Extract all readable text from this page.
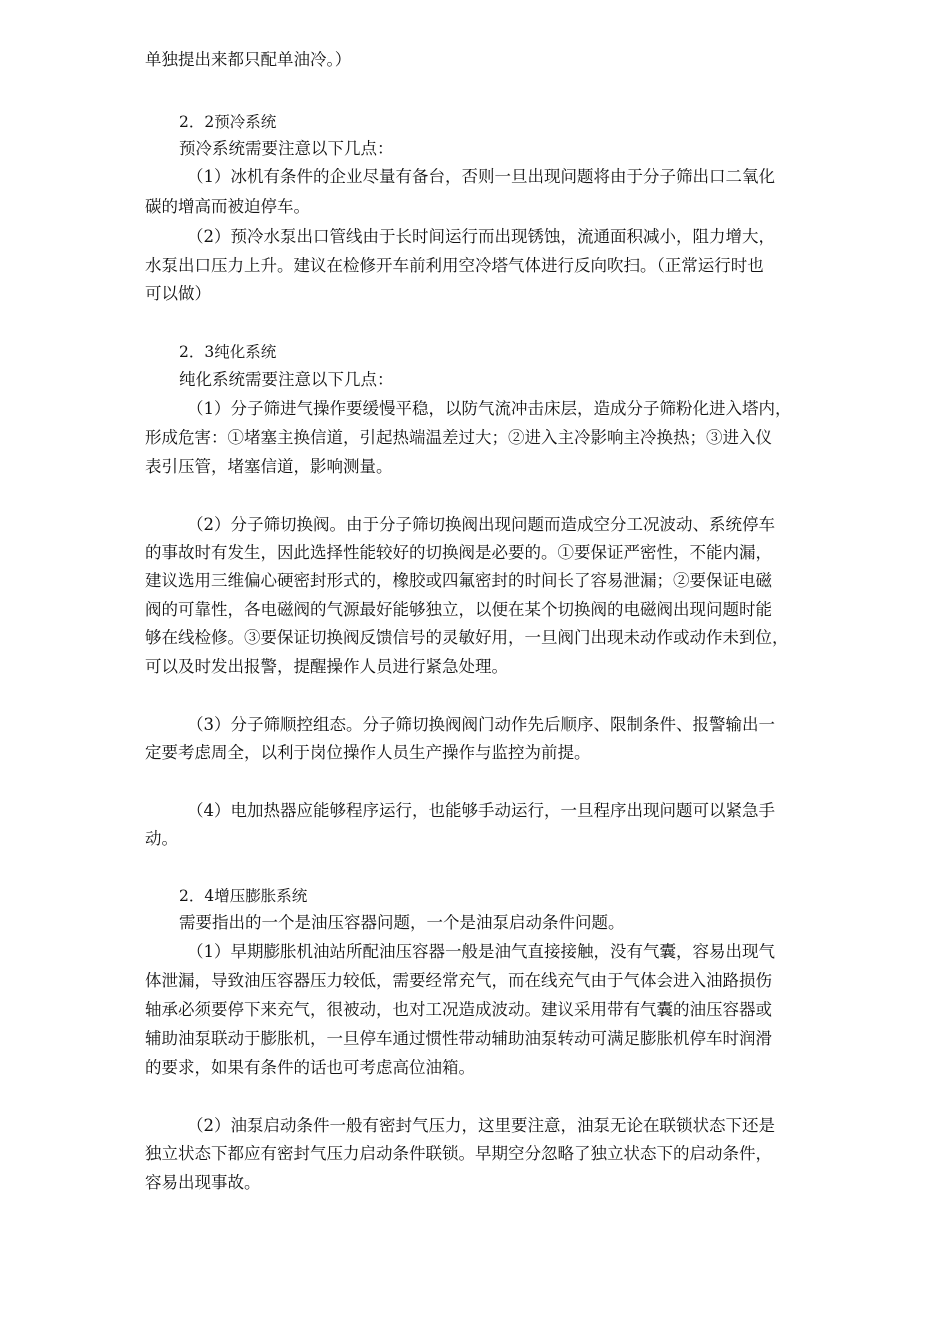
单独提出来都只配单油冷。）
2．2预冷系统
预冷系统需要注意以下几点：
（1）冰机有条件的企业尽量有备台，否则一旦出现问题将由于分子筛出口二氧化
碳的增高而被迫停车。
（2）预冷水泵出口管线由于长时间运行而出现锈蚀，流通面积减小，阻力增大，
水泵出口压力上升。建议在检修开车前利用空冷塔气体进行反向吹扫。（正常运行时也
可以做）
2．3纯化系统
纯化系统需要注意以下几点：
（1）分子筛进气操作要缓慢平稳，以防气流冲击床层，造成分子筛粉化进入塔内，
形成危害：①堵塞主换信道，引起热端温差过大；②进入主冷影响主冷换热；③进入仪
表引压管，堵塞信道，影响测量。
（2）分子筛切换阀。由于分子筛切换阀出现问题而造成空分工况波动、系统停车
的事故时有发生，因此选择性能较好的切换阀是必要的。①要保证严密性，不能内漏，
建议选用三维偏心硬密封形式的，橡胶或四氟密封的时间长了容易泄漏；②要保证电磁
阀的可靠性，各电磁阀的气源最好能够独立，以便在某个切换阀的电磁阀出现问题时能
够在线检修。③要保证切换阀反馈信号的灵敏好用，一旦阀门出现未动作或动作未到位，
可以及时发出报警，提醒操作人员进行紧急处理。
（3）分子筛顺控组态。分子筛切换阀阀门动作先后顺序、限制条件、报警输出一
定要考虑周全，以利于岗位操作人员生产操作与监控为前提。
（4）电加热器应能够程序运行，也能够手动运行，一旦程序出现问题可以紧急手
动。
2．4增压膨胀系统
需要指出的一个是油压容器问题，一个是油泵启动条件问题。
（1）早期膨胀机油站所配油压容器一般是油气直接接触，没有气囊，容易出现气
体泄漏，导致油压容器压力较低，需要经常充气，而在线充气由于气体会进入油路损伤
轴承必须要停下来充气，很被动，也对工况造成波动。建议采用带有气囊的油压容器或
辅助油泵联动于膨胀机，一旦停车通过惯性带动辅助油泵转动可满足膨胀机停车时润滑
的要求，如果有条件的话也可考虑高位油箱。
（2）油泵启动条件一般有密封气压力，这里要注意，油泵无论在联锁状态下还是
独立状态下都应有密封气压力启动条件联锁。早期空分忽略了独立状态下的启动条件，
容易出现事故。
